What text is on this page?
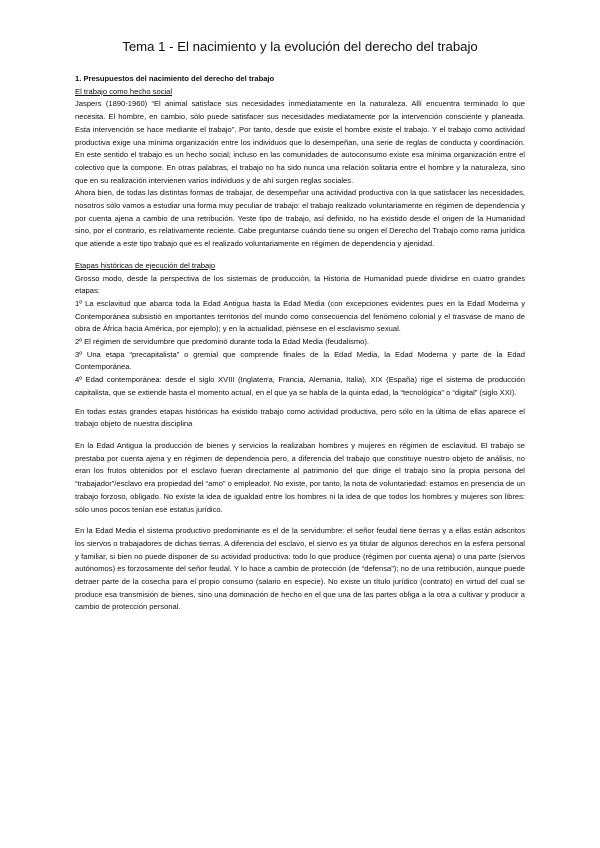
Tema 1 - El nacimiento y la evolución del derecho del trabajo
1. Presupuestos del nacimiento del derecho del trabajo
El trabajo como hecho social

Jaspers (1890-1960) “El animal satisface sus necesidades inmediatamente en la naturaleza. Allí encuentra terminado lo que necesita. El hombre, en cambio, sólo puede satisfacer sus necesidades mediatamente por la intervención consciente y planeada. Esta intervención se hace mediante el trabajo”. Por tanto, desde que existe el hombre existe el trabajo. Y el trabajo como actividad productiva exige una mínima organización entre los individuos que lo desempeñan, una serie de reglas de conducta y coordinación. En este sentido el trabajo es un hecho social; incluso en las comunidades de autoconsumo existe esa mínima organización entre el colectivo que la compone. En otras palabras, el trabajo no ha sido nunca una relación solitaria entre el hombre y la naturaleza, sino que en su realización intervienen varios individuos y de ahí surgen reglas sociales.

Ahora bien, de todas las distintas formas de trabajar, de desempeñar una actividad productiva con la que satisfacer las necesidades, nosotros sólo vamos a estudiar una forma muy peculiar de trabajo: el trabajo realizado voluntariamente en régimen de dependencia y por cuenta ajena a cambio de una retribución. Yeste tipo de trabajo, así definido, no ha existido desde el origen de la Humanidad sino, por el contrario, es relativamente reciente. Cabe preguntarse cuándo tiene su origen el Derecho del Trabajo como rama jurídica que atiende a este tipo trabajo que es el realizado voluntariamente en régimen de dependencia y ajenidad.

Etapas históricas de ejecución del trabajo

Grosso modo, desde la perspectiva de los sistemas de producción, la Historia de Humanidad puede dividirse en cuatro grandes etapas:

1º La esclavitud que abarca toda la Edad Antigua hasta la Edad Media (con excepciones evidentes pues en la Edad Moderna y Contemporánea subsistió en importantes territorios del mundo como consecuencia del fenómeno colonial y el trasvase de mano de obra de África hacia América, por ejemplo); y en la actualidad, piénsese en el esclavismo sexual.

2º El régimen de servidumbre que predominó durante toda la Edad Media (feudalismo).

3º Una etapa “precapitalista” o gremial que comprende finales de la Edad Media, la Edad Moderna y parte de la Edad Contemporánea.

4º Edad contemporánea: desde el siglo XVIII (Inglaterra, Francia, Alemania, Italia), XIX (España) rige el sistema de producción capitalista, que se extiende hasta el momento actual, en el que ya se habla de la quinta edad, la “tecnológica” o “digital” (siglo XXI).

En todas estas grandes etapas históricas ha existido trabajo como actividad productiva, pero sólo en la última de ellas aparece el trabajo objeto de nuestra disciplina

En la Edad Antigua la producción de bienes y servicios la realizaban hombres y mujeres en régimen de esclavitud. El trabajo se prestaba por cuenta ajena y en régimen de dependencia pero, a diferencia del trabajo que constituye nuestro objeto de análisis, no eran los frutos obtenidos por el esclavo fueran directamente al patrimonio del que dirige el trabajo sino la propia persona del “trabajador”/esclavo era propiedad del “amo” o empleador. No existe, por tanto, la nota de voluntariedad: estamos en presencia de un trabajo forzoso, obligado. No existe la idea de igualdad entre los hombres ni la idea de que todos los hombres y mujeres son libres: sólo unos pocos tenían ese estatus jurídico.

En la Edad Media el sistema productivo predominante es el de la servidumbre: el señor feudal tiene tierras y a ellas están adscritos los siervos o trabajadores de dichas tierras. A diferencia del esclavo, el siervo es ya titular de algunos derechos en la esfera personal y familiar, si bien no puede disponer de su actividad productiva: todo lo que produce (régimen por cuenta ajena) o una parte (siervos autónomos) es forzosamente del señor feudal. Y lo hace a cambio de protección (de “defensa”); no de una retribución, aunque puede detraer parte de la cosecha para el propio consumo (salario en especie). No existe un título jurídico (contrato) en virtud del cual se produce esa transmisión de bienes, sino una dominación de hecho en el que una de las partes obliga a la otra a cultivar y producir a cambio de protección personal.
